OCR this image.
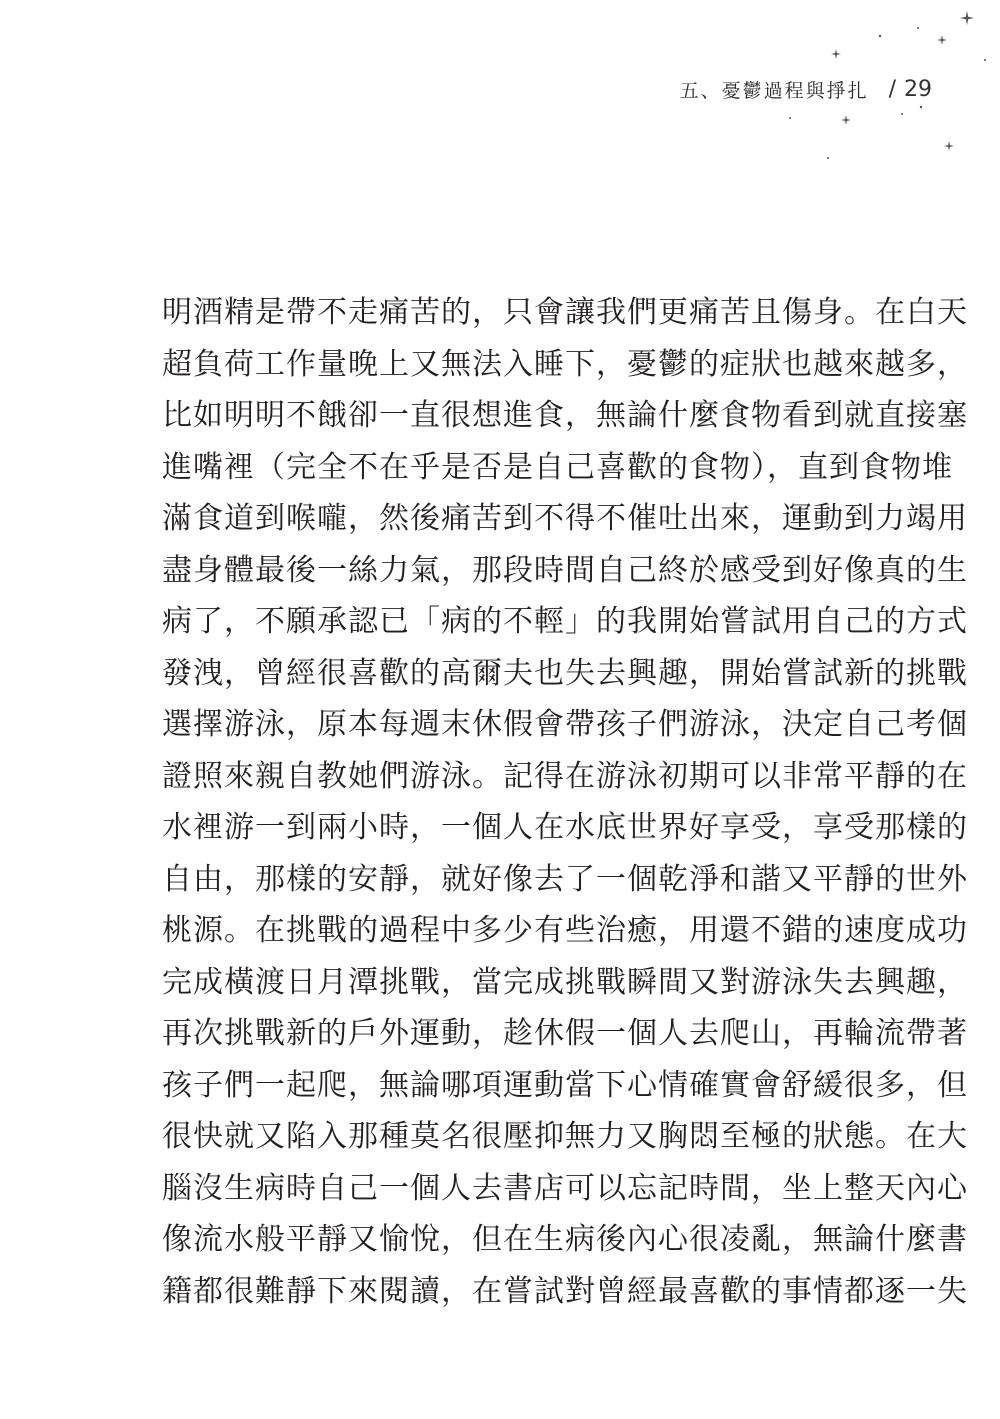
五、憂鬱過程與掙扎 / 29
明酒精是帶不走痛苦的，只會讓我們更痛苦且傷身。在白天
超負荷工作量晚上又無法入睡下，憂鬱的症狀也越來越多，
比如明明不餓卻一直很想進食，無論什麼食物看到就直接塞
進嘴裡（完全不在乎是否是自己喜歡的食物），直到食物堆
滿食道到喉嚨，然後痛苦到不得不催吐出來，運動到力竭用
盡身體最後一絲力氣，那段時間自己終於感受到好像真的生
病了，不願承認已「病的不輕」的我開始嘗試用自己的方式
發洩，曾經很喜歡的高爾夫也失去興趣，開始嘗試新的挑戰
選擇游泳，原本每週末休假會帶孩子們游泳，決定自己考個
證照來親自教她們游泳。記得在游泳初期可以非常平靜的在
水裡游一到兩小時，一個人在水底世界好享受，享受那樣的
自由，那樣的安靜，就好像去了一個乾淨和諧又平靜的世外
桃源。在挑戰的過程中多少有些治癒，用還不錯的速度成功
完成橫渡日月潭挑戰，當完成挑戰瞬間又對游泳失去興趣，
再次挑戰新的戶外運動，趁休假一個人去爬山，再輪流帶著
孩子們一起爬，無論哪項運動當下心情確實會舒緩很多，但
很快就又陷入那種莫名很壓抑無力又胸悶至極的狀態。在大
腦沒生病時自己一個人去書店可以忘記時間，坐上整天內心
像流水般平靜又愉悅，但在生病後內心很凌亂，無論什麼書
籍都很難靜下來閱讀，在嘗試對曾經最喜歡的事情都逐一失
